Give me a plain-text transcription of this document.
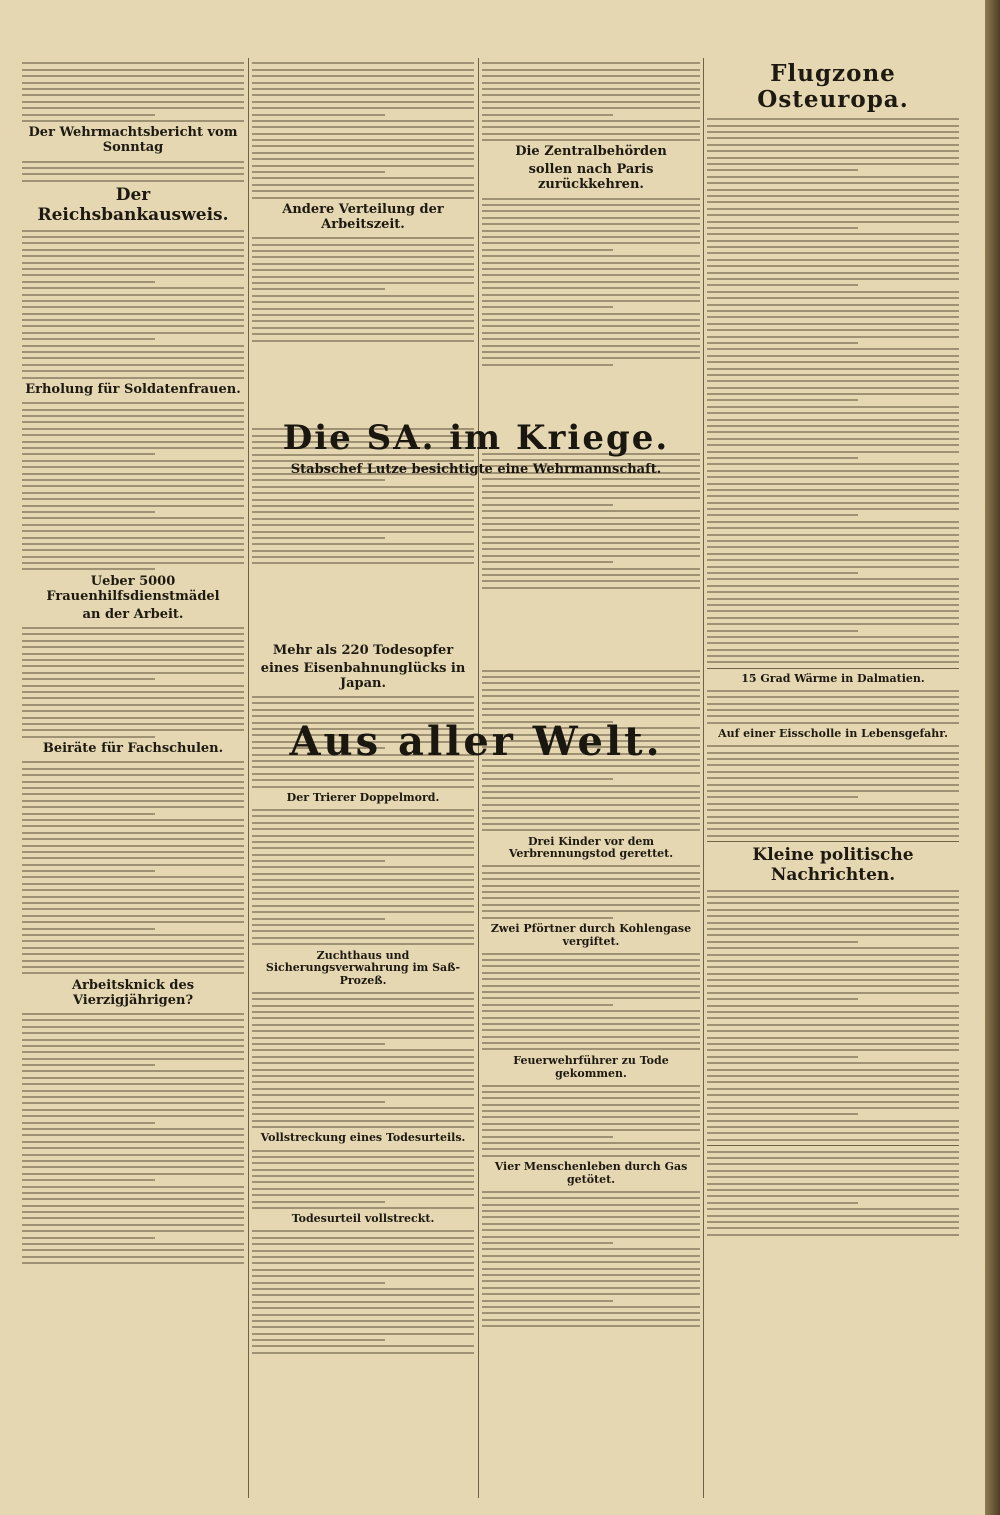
Der Wehrmachtsbericht vom Sonntag
Der Reichsbankausweis.
Erholung für Soldatenfrauen.
Ueber 5000 Frauenhilfsdienstmädel
an der Arbeit.
Beiräte für Fachschulen.
Arbeitsknick des Vierzigjährigen?
Andere Verteilung der Arbeitszeit.
Mehr als 220 Todesopfer
eines Eisenbahnunglücks in Japan.
Der Trierer Doppelmord.
Zuchthaus und Sicherungsverwahrung im Saß-Prozeß.
Vollstreckung eines Todesurteils.
Todesurteil vollstreckt.
Die Zentralbehörden
sollen nach Paris zurückkehren.
Drei Kinder vor dem Verbrennungstod gerettet.
Zwei Pförtner durch Kohlengase vergiftet.
Feuerwehrführer zu Tode gekommen.
Vier Menschenleben durch Gas getötet.
Flugzone Osteuropa.
15 Grad Wärme in Dalmatien.
Auf einer Eisscholle in Lebensgefahr.
Kleine politische Nachrichten.
Die SA. im Kriege.
Stabschef Lutze besichtigte eine Wehrmannschaft.
Aus aller Welt.
